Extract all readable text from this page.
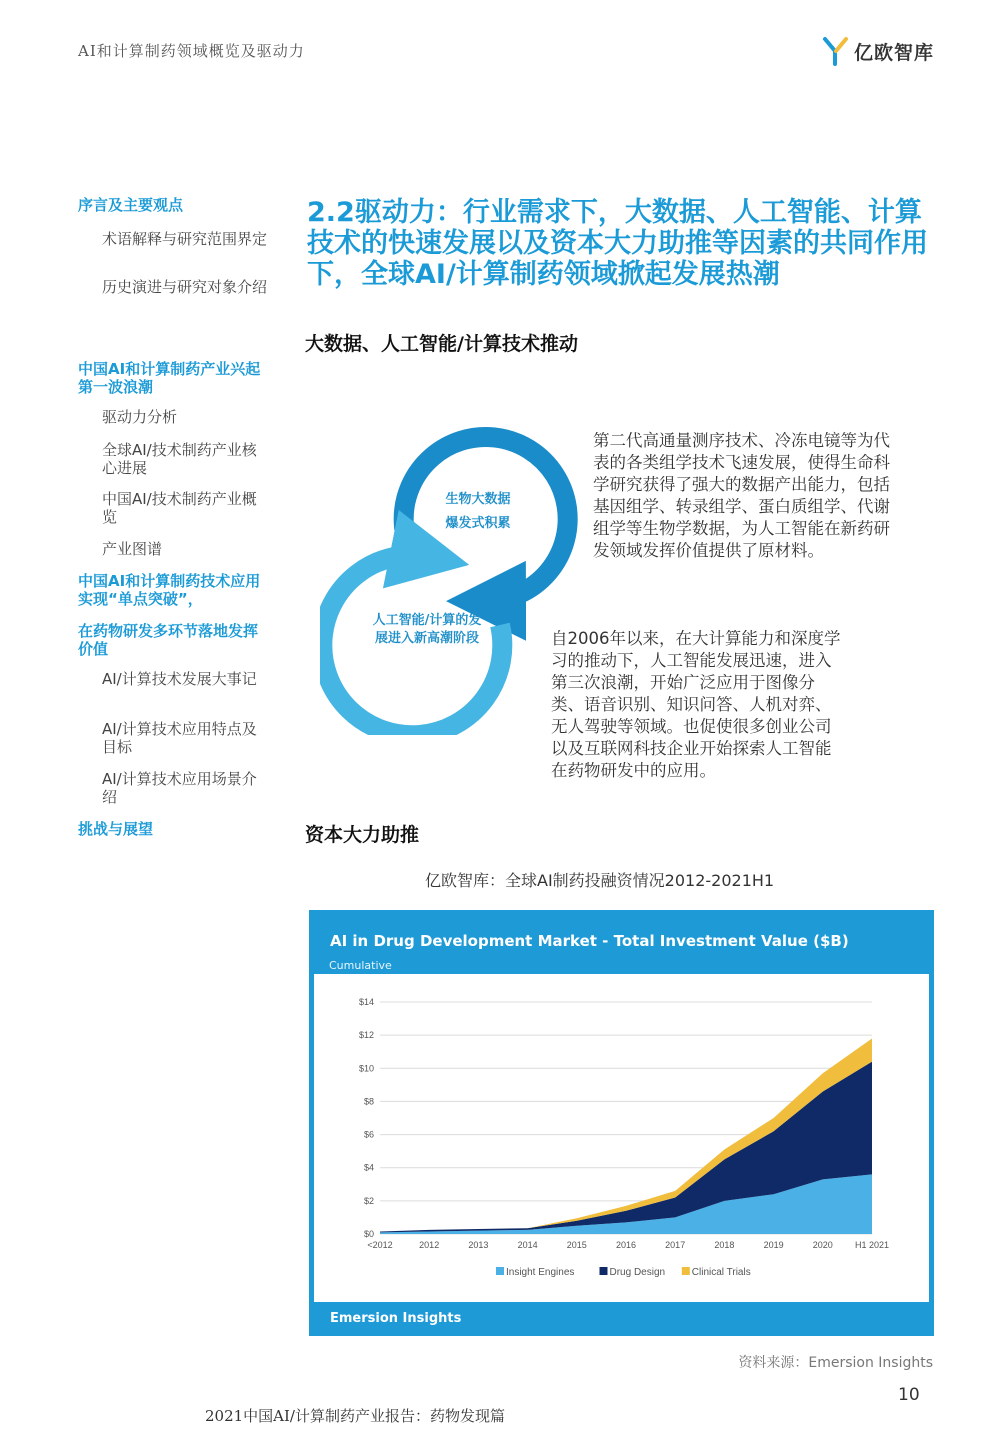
AI和计算制药领域概览及驱动力	亿欧智库
序言及主要观点
术语解释与研究范围界定
历史演进与研究对象介绍
中国AI和计算制药产业兴起第一波浪潮
驱动力分析
全球AI/技术制药产业核心进展
中国AI/技术制药产业概览
产业图谱
中国AI和计算制药技术应用实现“单点突破”，
在药物研发多环节落地发挥价值
AI/计算技术发展大事记
AI/计算技术应用特点及目标
AI/计算技术应用场景介绍
挑战与展望
2.2驱动力：行业需求下，大数据、人工智能、计算技术的快速发展以及资本大力助推等因素的共同作用下，全球AI/计算制药领域掀起发展热潮
大数据、人工智能/计算技术推动
生物大数据
爆发式积累
人工智能/计算的发
展进入新高潮阶段
第二代高通量测序技术、冷冻电镜等为代表的各类组学技术飞速发展，使得生命科学研究获得了强大的数据产出能力，包括基因组学、转录组学、蛋白质组学、代谢组学等生物学数据，为人工智能在新药研发领域发挥价值提供了原材料。
自2006年以来，在大计算能力和深度学习的推动下，人工智能发展迅速，进入第三次浪潮，开始广泛应用于图像分类、语音识别、知识问答、人机对弈、无人驾驶等领域。也促使很多创业公司以及互联网科技企业开始探索人工智能在药物研发中的应用。
资本大力助推
亿欧智库：全球AI制药投融资情况2012-2021H1
AI in Drug Development Market - Total Investment Value ($B)
Cumulative
$0
$2
$4
$6
$8
$10
$12
$14
<2012	2012	2013	2014	2015	2016	2017	2018	2019	2020 H1 2021
Insight Engines	Drug Design	Clinical Trials
Emersion Insights
资料来源：Emersion Insights
10
2021中国AI/计算制药产业报告：药物发现篇
